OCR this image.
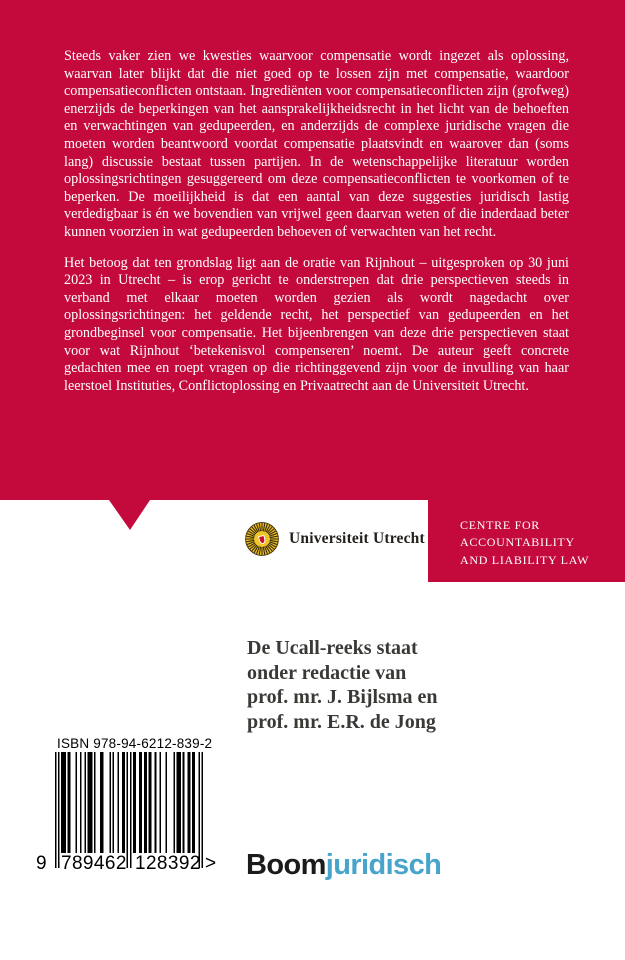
Steeds vaker zien we kwesties waarvoor compensatie wordt ingezet als oplossing, waarvan later blijkt dat die niet goed op te lossen zijn met compensatie, waardoor compensatieconflicten ontstaan. Ingrediënten voor compensatieconflicten zijn (grofweg) enerzijds de beperkingen van het aansprakelijkheidsrecht in het licht van de behoeften en verwachtingen van gedupeerden, en anderzijds de complexe juridische vragen die moeten worden beantwoord voordat compensatie plaatsvindt en waarover dan (soms lang) discussie bestaat tussen partijen. In de wetenschappelijke literatuur worden oplossingsrichtingen gesuggereerd om deze compensatieconflicten te voorkomen of te beperken. De moeilijkheid is dat een aantal van deze suggesties juridisch lastig verdedigbaar is én we bovendien van vrijwel geen daarvan weten of die inderdaad beter kunnen voorzien in wat gedupeerden behoeven of verwachten van het recht.

Het betoog dat ten grondslag ligt aan de oratie van Rijnhout – uitgesproken op 30 juni 2023 in Utrecht – is erop gericht te onderstrepen dat drie perspectieven steeds in verband met elkaar moeten worden gezien als wordt nagedacht over oplossingsrichtingen: het geldende recht, het perspectief van gedupeerden en het grondbeginsel voor compensatie. Het bijeenbrengen van deze drie perspectieven staat voor wat Rijnhout ‘betekenisvol compenseren’ noemt. De auteur geeft concrete gedachten mee en roept vragen op die richtinggevend zijn voor de invulling van haar leerstoel Instituties, Conflictoplossing en Privaatrecht aan de Universiteit Utrecht.

CENTRE FOR
ACCOUNTABILITY
AND LIABILITY LAW
Universiteit Utrecht
De Ucall-reeks staat
onder redactie van
prof. mr. J. Bijlsma en
prof. mr. E.R. de Jong
ISBN 978-94-6212-839-2
9 789462 128392 > Boomjuridisch
